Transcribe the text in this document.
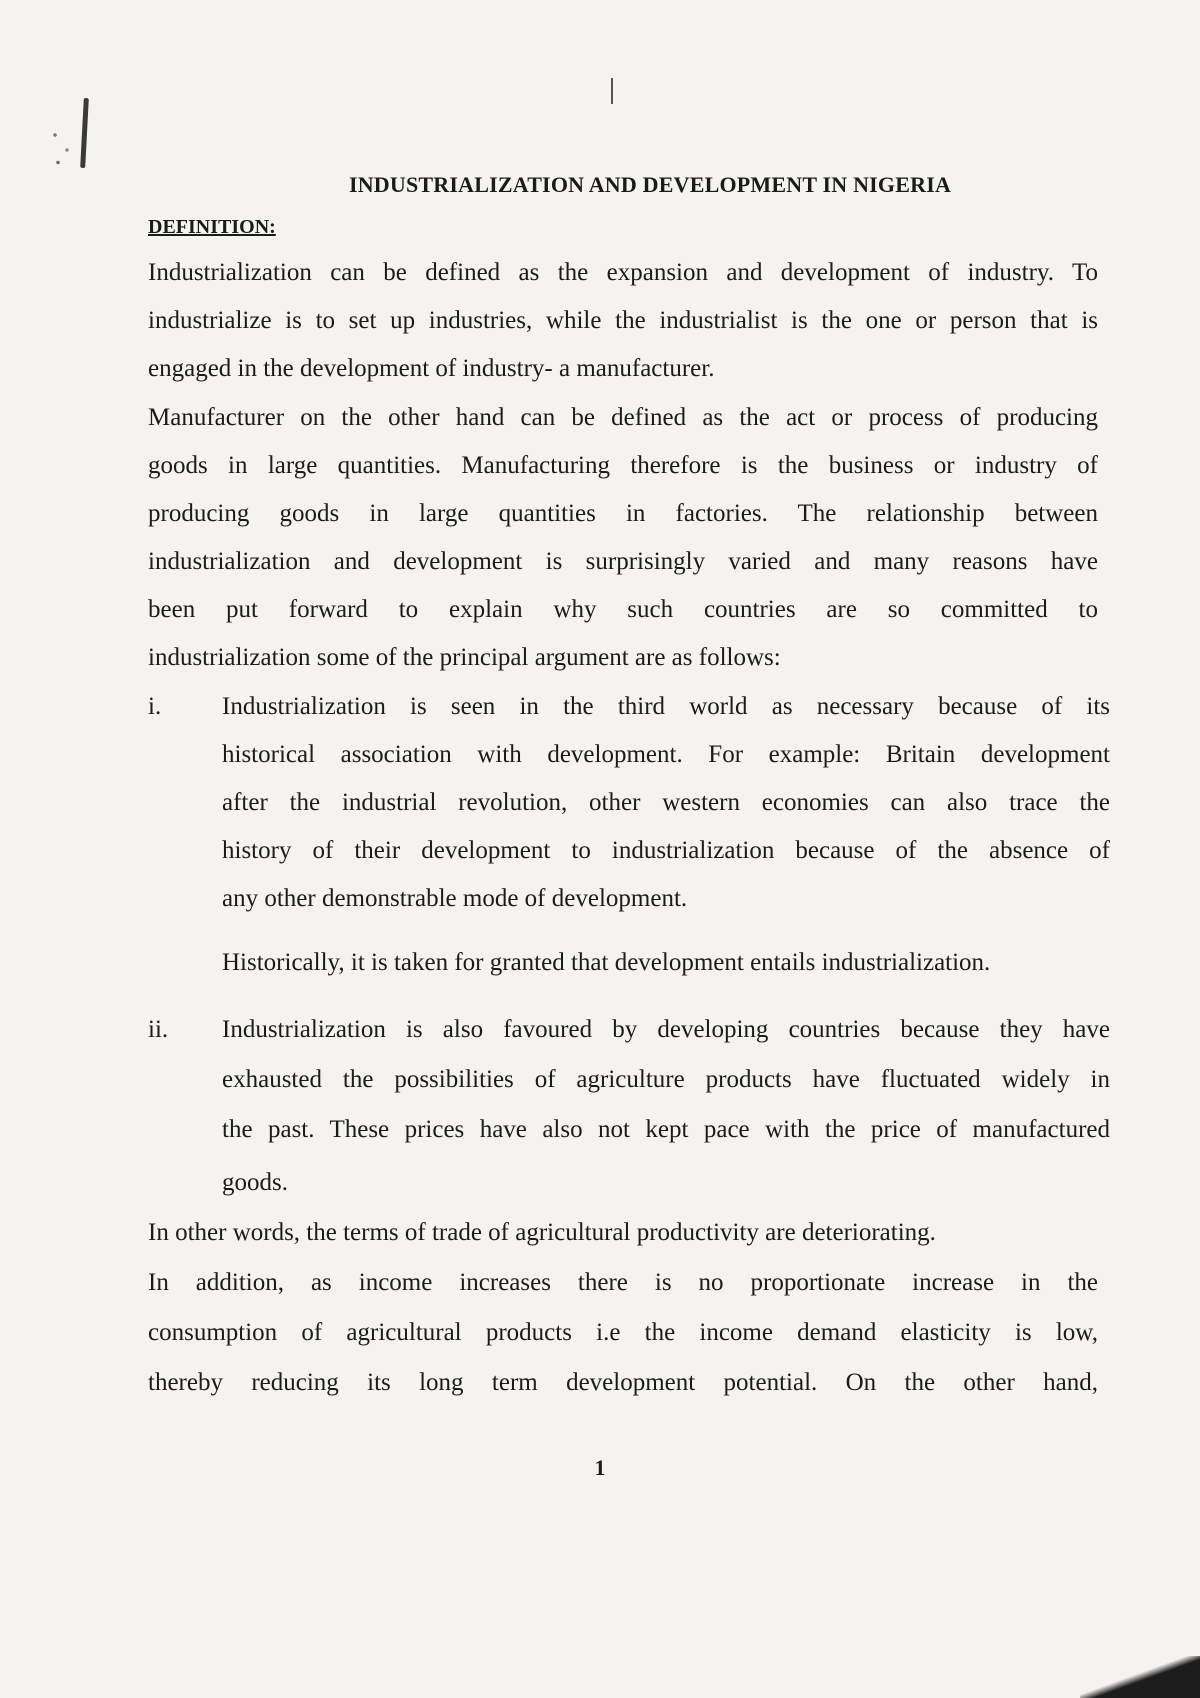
INDUSTRIALIZATION AND DEVELOPMENT IN NIGERIA
DEFINITION:
Industrialization can be defined as the expansion and development of industry. To
industrialize is to set up industries, while the industrialist is the one or person that is
engaged in the development of industry- a manufacturer.
Manufacturer on the other hand can be defined as the act or process of producing
goods in large quantities. Manufacturing therefore is the business or industry of
producing goods in large quantities in factories. The relationship between
industrialization and development is surprisingly varied and many reasons have
been put forward to explain why such countries are so committed to
industrialization some of the principal argument are as follows:
i. Industrialization is seen in the third world as necessary because of its
historical association with development. For example: Britain development
after the industrial revolution, other western economies can also trace the
history of their development to industrialization because of the absence of
any other demonstrable mode of development.
Historically, it is taken for granted that development entails industrialization.
ii. Industrialization is also favoured by developing countries because they have
exhausted the possibilities of agriculture products have fluctuated widely in
the past. These prices have also not kept pace with the price of manufactured
goods.
In other words, the terms of trade of agricultural productivity are deteriorating.
In addition, as income increases there is no proportionate increase in the
consumption of agricultural products i.e the income demand elasticity is low,
thereby reducing its long term development potential. On the other hand,
1
